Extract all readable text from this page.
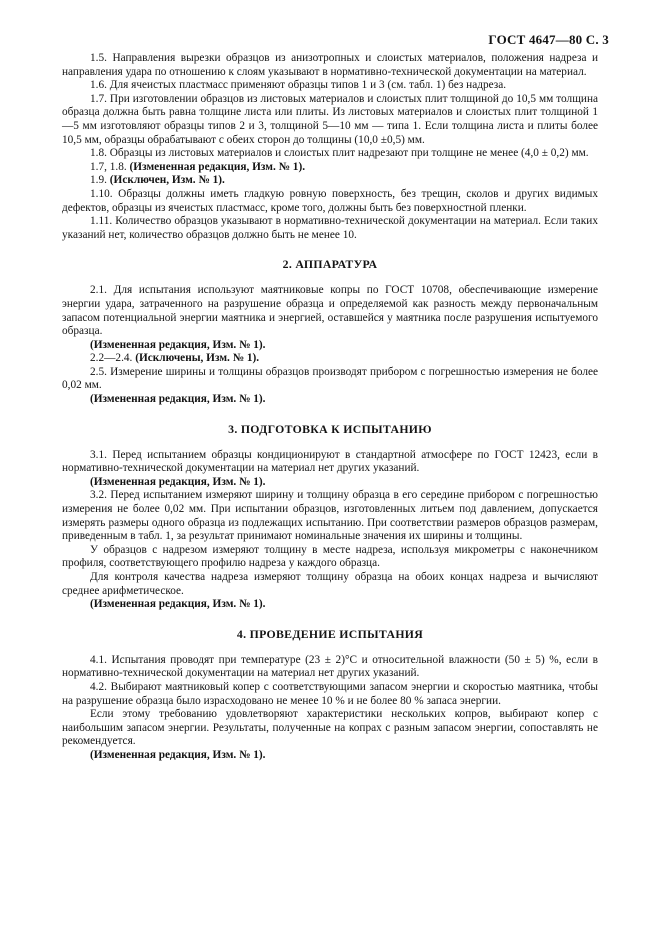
ГОСТ 4647—80 С. 3

1.5. Направления вырезки образцов из анизотропных и слоистых материалов, положения надреза и направления удара по отношению к слоям указывают в нормативно-технической документации на материал.

1.6. Для ячеистых пластмасс применяют образцы типов 1 и 3 (см. табл. 1) без надреза.

1.7. При изготовлении образцов из листовых материалов и слоистых плит толщиной до 10,5 мм толщина образца должна быть равна толщине листа или плиты. Из листовых материалов и слоистых плит толщиной 1—5 мм изготовляют образцы типов 2 и 3, толщиной 5—10 мм — типа 1. Если толщина листа и плиты более 10,5 мм, образцы обрабатывают с обеих сторон до толщины (10,0 ±0,5) мм.

1.8. Образцы из листовых материалов и слоистых плит надрезают при толщине не менее (4,0 ± 0,2) мм.

1.7, 1.8. (Измененная редакция, Изм. № 1).

1.9. (Исключен, Изм. № 1).

1.10. Образцы должны иметь гладкую ровную поверхность, без трещин, сколов и других видимых дефектов, образцы из ячеистых пластмасс, кроме того, должны быть без поверхностной пленки.

1.11. Количество образцов указывают в нормативно-технической документации на материал. Если таких указаний нет, количество образцов должно быть не менее 10.

2. АППАРАТУРА

2.1. Для испытания используют маятниковые копры по ГОСТ 10708, обеспечивающие измерение энергии удара, затраченного на разрушение образца и определяемой как разность между первоначальным запасом потенциальной энергии маятника и энергией, оставшейся у маятника после разрушения испытуемого образца.

(Измененная редакция, Изм. № 1).

2.2—2.4. (Исключены, Изм. № 1).

2.5. Измерение ширины и толщины образцов производят прибором с погрешностью измерения не более 0,02 мм.

(Измененная редакция, Изм. № 1).

3. ПОДГОТОВКА К ИСПЫТАНИЮ

3.1. Перед испытанием образцы кондиционируют в стандартной атмосфере по ГОСТ 12423, если в нормативно-технической документации на материал нет других указаний.

(Измененная редакция, Изм. № 1).

3.2. Перед испытанием измеряют ширину и толщину образца в его середине прибором с погрешностью измерения не более 0,02 мм. При испытании образцов, изготовленных литьем под давлением, допускается измерять размеры одного образца из подлежащих испытанию. При соответствии размеров образцов размерам, приведенным в табл. 1, за результат принимают номинальные значения их ширины и толщины.

У образцов с надрезом измеряют толщину в месте надреза, используя микрометры с наконечником профиля, соответствующего профилю надреза у каждого образца.

Для контроля качества надреза измеряют толщину образца на обоих концах надреза и вычисляют среднее арифметическое.

(Измененная редакция, Изм. № 1).

4. ПРОВЕДЕНИЕ ИСПЫТАНИЯ

4.1. Испытания проводят при температуре (23 ± 2)°C и относительной влажности (50 ± 5) %, если в нормативно-технической документации на материал нет других указаний.

4.2. Выбирают маятниковый копер с соответствующими запасом энергии и скоростью маятника, чтобы на разрушение образца было израсходовано не менее 10 % и не более 80 % запаса энергии.

Если этому требованию удовлетворяют характеристики нескольких копров, выбирают копер с наибольшим запасом энергии. Результаты, полученные на копрах с разным запасом энергии, сопоставлять не рекомендуется.

(Измененная редакция, Изм. № 1).
